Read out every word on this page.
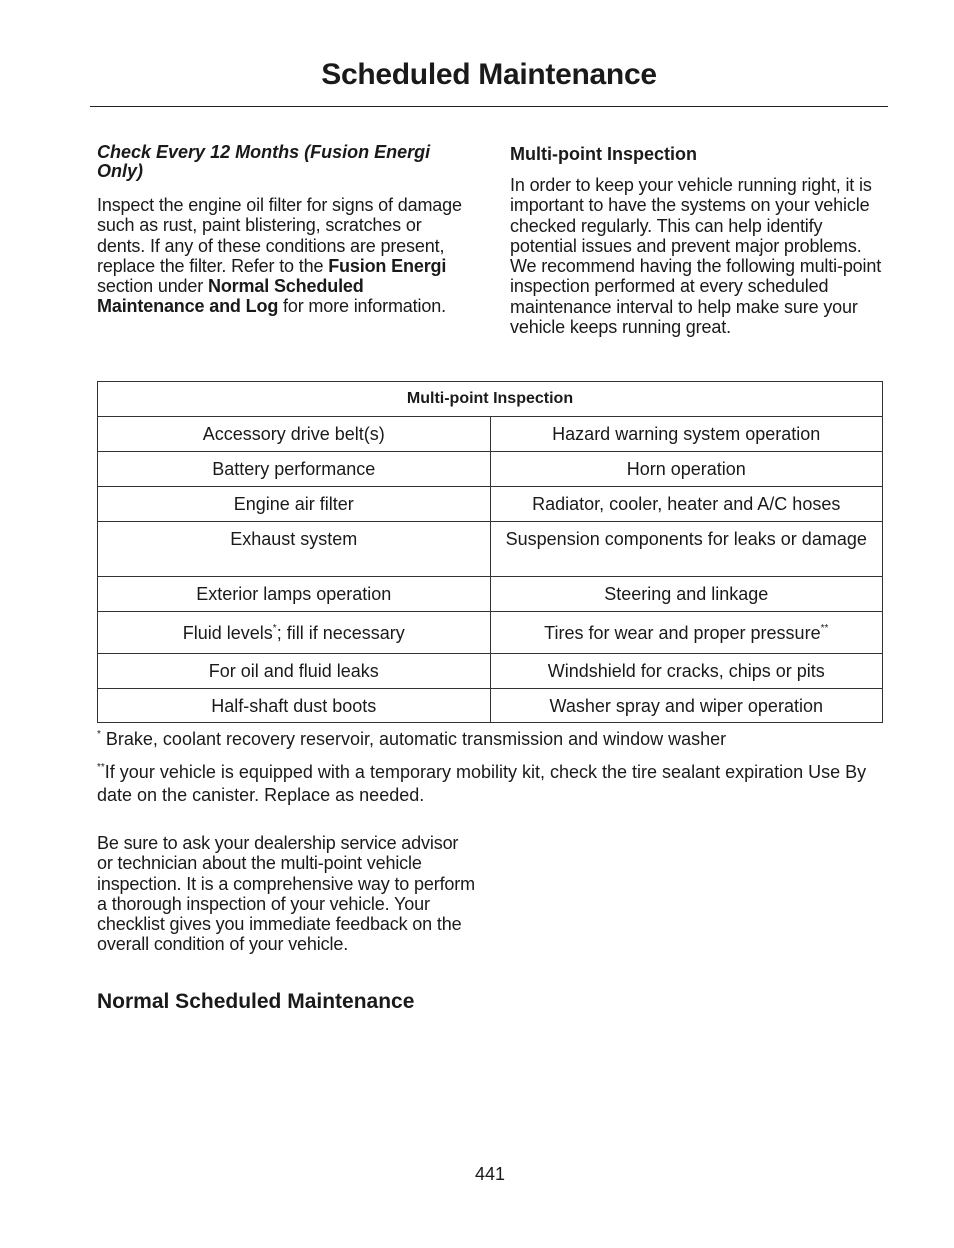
Scheduled Maintenance
Check Every 12 Months (Fusion Energi Only)

Inspect the engine oil filter for signs of damage such as rust, paint blistering, scratches or dents. If any of these conditions are present, replace the filter. Refer to the Fusion Energi section under Normal Scheduled Maintenance and Log for more information.

Multi-point Inspection

In order to keep your vehicle running right, it is important to have the systems on your vehicle checked regularly. This can help identify potential issues and prevent major problems. We recommend having the following multi-point inspection performed at every scheduled maintenance interval to help make sure your vehicle keeps running great.

Multi-point Inspection	
Accessory drive belt(s)	Hazard warning system operation
Battery performance	Horn operation
Engine air filter	Radiator, cooler, heater and A/C hoses
Exhaust system	Suspension components for leaks or damage
Exterior lamps operation	Steering and linkage
Fluid levels*; fill if necessary	Tires for wear and proper pressure**
For oil and fluid leaks	Windshield for cracks, chips or pits
Half-shaft dust boots	Washer spray and wiper operation
* Brake, coolant recovery reservoir, automatic transmission and window washer
**If your vehicle is equipped with a temporary mobility kit, check the tire sealant expiration Use By date on the canister. Replace as needed.

Be sure to ask your dealership service advisor or technician about the multi-point vehicle inspection. It is a comprehensive way to perform a thorough inspection of your vehicle. Your checklist gives you immediate feedback on the overall condition of your vehicle.

Normal Scheduled Maintenance
441
